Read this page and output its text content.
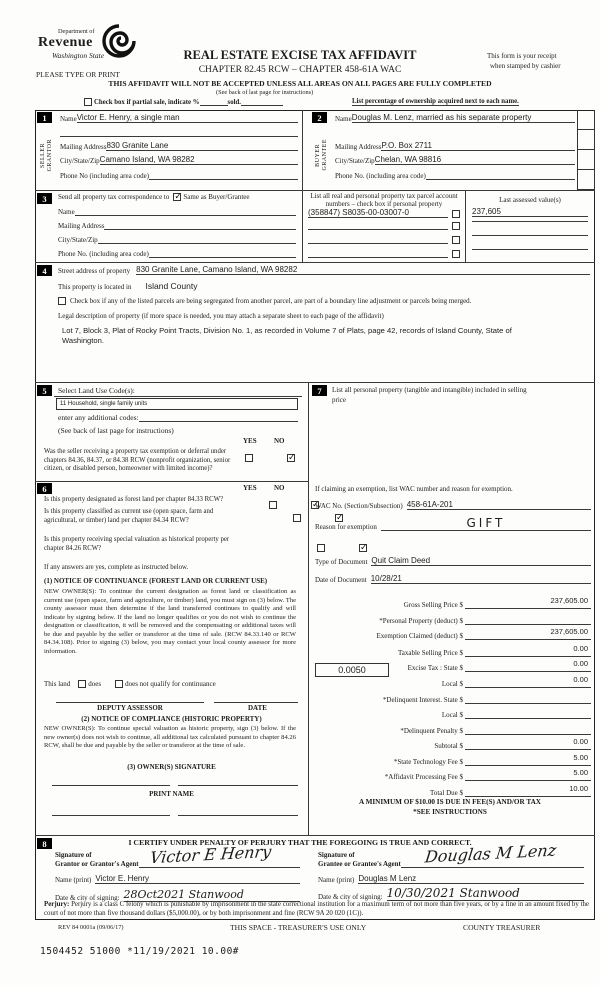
Department of
Revenue
Washington State	REAL ESTATE EXCISE TAX AFFIDAVIT
PLEASE TYPE OR PRINT	CHAPTER 82.45 RCW – CHAPTER 458-61A WAC
This form is your receipt
when stamped by cashier
THIS AFFIDAVIT WILL NOT BE ACCEPTED UNLESS ALL AREAS ON ALL PAGES ARE FULLY COMPLETED
(See back of last page for instructions)
Check box if partial sale, indicate %	sold.	List percentage of ownership acquired next to each name.
1
SELLER GRANTOR
Name Victor E. Henry, a single man
Mailing Address 830 Granite Lane
City/State/Zip Camano Island, WA 98282
Phone No (including area code)
2
BUYER GRANTEE
Name Douglas M. Lenz, married as his separate property
Mailing Address P.O. Box 2711
City/State/Zip Chelan, WA 98816
Phone No. (including area code)
3	Send all property tax correspondence to ✓ Same as Buyer/Grantee
Name
Mailing Address
City/State/Zip
Phone No. (including area code)
List all real and personal property tax parcel account
numbers – check box if personal property
(358847) S8035-00-03007-0
Last assessed value(s)
237,605
4	Street address of property 830 Granite Lane, Camano Island, WA 98282
This property is located in Island County
Check box if any of the listed parcels are being segregated from another parcel, are part of a boundary line adjustment or parcels being merged.
Legal description of property (if more space is needed, you may attach a separate sheet to each page of the affidavit)
Lot 7, Block 3, Plat of Rocky Point Tracts, Division No. 1, as recorded in Volume 7 of Plats, page 42, records of Island County, State of
Washington.
5	Select Land Use Code(s):
11 Household, single family units
enter any additional codes:
(See back of last page for instructions)
YES NO
Was the seller receiving a property tax exemption or deferral under chapters 84.36, 84.37, or 84.38 RCW (nonprofit organization, senior citizen, or disabled person, homeowner with limited income)?
✓
6	YES NO
Is this property designated as forest land per chapter 84.33 RCW?
✓
Is this property classified as current use (open space, farm and agricultural, or timber) land per chapter 84.34 RCW?
✓
Is this property receiving special valuation as historical property per chapter 84.26 RCW?
✓
If any answers are yes, complete as instructed below.
(1) NOTICE OF CONTINUANCE (FOREST LAND OR CURRENT USE)
NEW OWNER(S): To continue the current designation as forest land or classification as current use (open space, farm and agriculture, or timber) land, you must sign on (3) below. The county assessor must then determine if the land transferred continues to qualify and will indicate by signing below. If the land no longer qualifies or you do not wish to continue the designation or classification, it will be removed and the compensating or additional taxes will be due and payable by the seller or transferor at the time of sale. (RCW 84.33.140 or RCW 84.34.108). Prior to signing (3) below, you may contact your local county assessor for more information.
This land	does	does not qualify for continuance
DEPUTY ASSESSOR	DATE
(2) NOTICE OF COMPLIANCE (HISTORIC PROPERTY)
NEW OWNER(S): To continue special valuation as historic property, sign (3) below. If the new owner(s) does not wish to continue, all additional tax calculated pursuant to chapter 84.26 RCW, shall be due and payable by the seller or transferor at the time of sale.
(3) OWNER(S) SIGNATURE
PRINT NAME
7	List all personal property (tangible and intangible) included in selling
price
If claiming an exemption, list WAC number and reason for exemption.
WAC No. (Section/Subsection) 458-61A-201
Reason for exemption	GIFT
Type of Document Quit Claim Deed
Date of Document 10/28/21
Gross Selling Price $	237,605.00
*Personal Property (deduct) $
Exemption Claimed (deduct) $	237,605.00
Taxable Selling Price $	0.00
Excise Tax : State $	0.00
0.0050
Local $	0.00
*Delinquent Interest. State $
Local $
*Delinquent Penalty $
Subtotal $	0.00
*State Technology Fee $	5.00
*Affidavit Processing Fee $	5.00
Total Due $	10.00
A MINIMUM OF $10.00 IS DUE IN FEE(S) AND/OR TAX
*SEE INSTRUCTIONS
8	I CERTIFY UNDER PENALTY OF PERJURY THAT THE FOREGOING IS TRUE AND CORRECT.
Signature of
Grantor or Grantor's Agent Victor E Henry
Name (print) Victor E. Henry
Date & city of signing: 28Oct2021 Stanwood
Signature of
Grantee or Grantee's Agent Douglas M Lenz
Name (print) Douglas M Lenz
Date & city of signing: 10/30/2021 Stanwood
Perjury: Perjury is a class C felony which is punishable by imprisonment in the state correctional institution for a maximum term of not more than five years, or by a fine in an amount fixed by the court of not more than five thousand dollars ($5,000.00), or by both imprisonment and fine (RCW 9A 20 020 (1C)).
REV 84 0001a (09/06/17)	THIS SPACE - TREASURER'S USE ONLY	COUNTY TREASURER
1504452 51000 *11/19/2021 10.00#
